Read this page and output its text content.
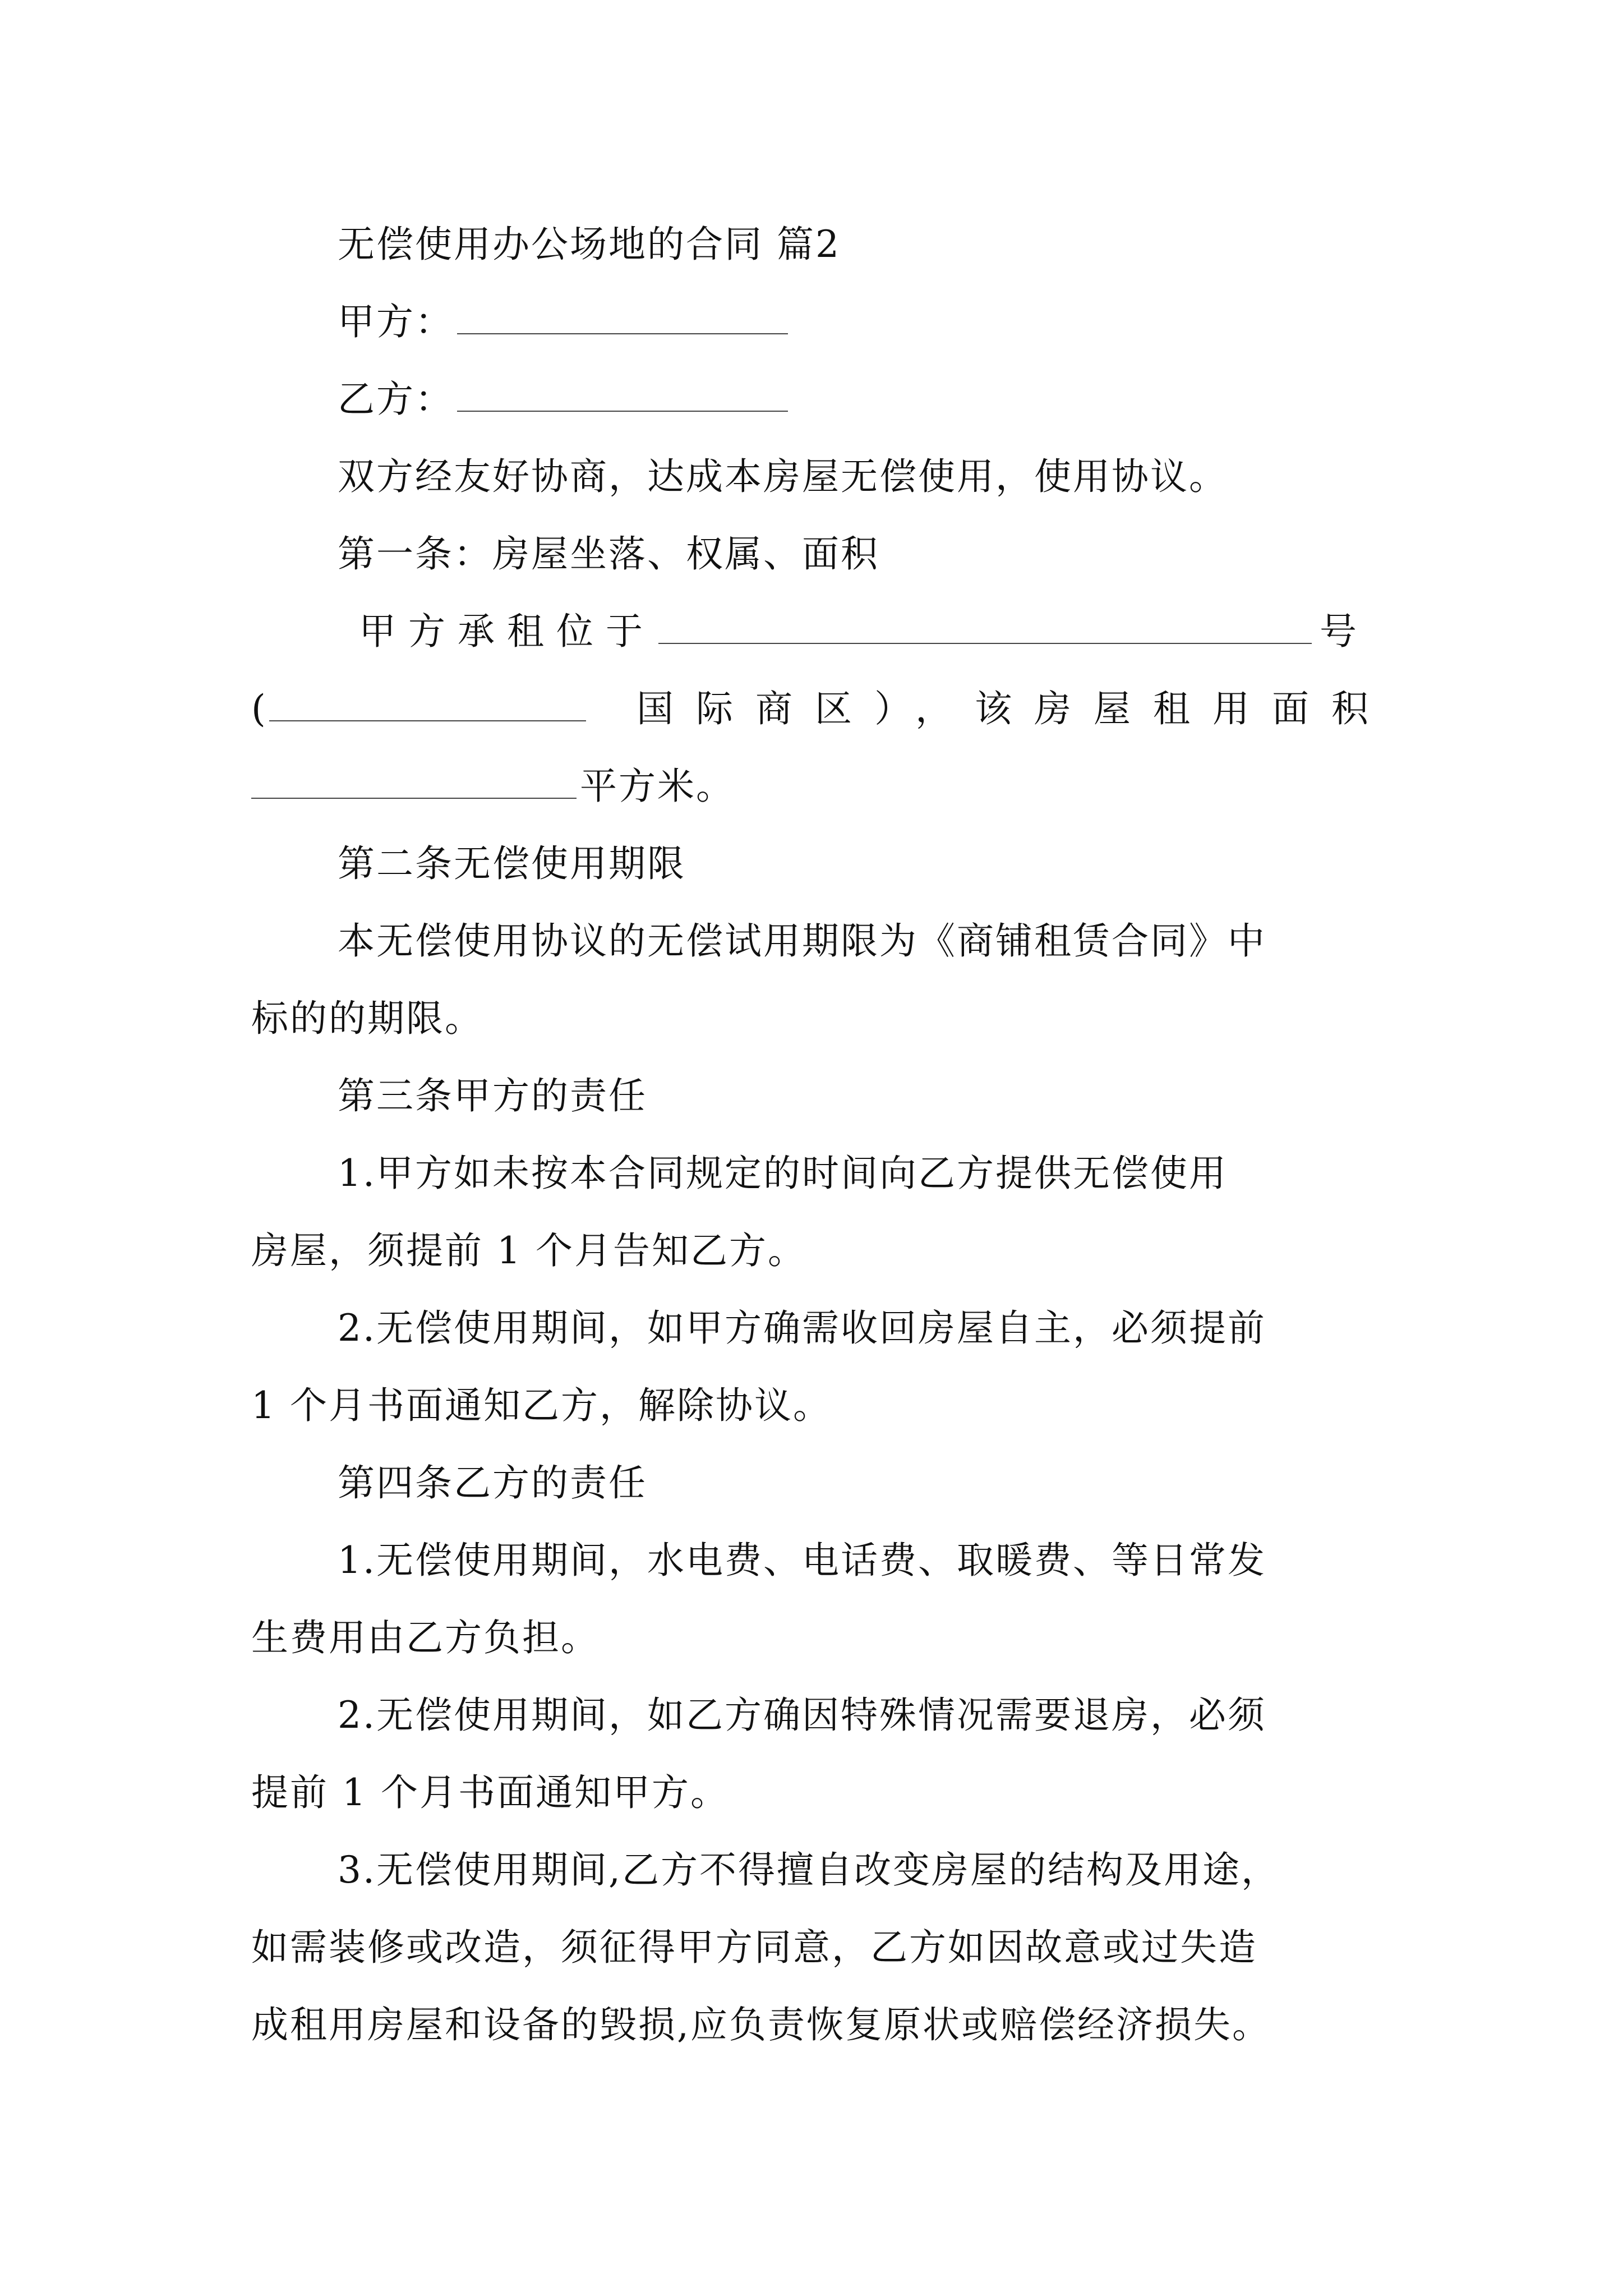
无偿使用办公场地的合同 篇2
甲方：
乙方：
双方经友好协商，达成本房屋无偿使用，使用协议。
第一条：房屋坐落、权属、面积
甲方承租位于	号
(	国际商区），该房屋租用面积
平方米。
第二条无偿使用期限
本无偿使用协议的无偿试用期限为《商铺租赁合同》中
标的的期限。
第三条甲方的责任
1.甲方如未按本合同规定的时间向乙方提供无偿使用
房屋，须提前 1 个月告知乙方。
2.无偿使用期间，如甲方确需收回房屋自主，必须提前
1 个月书面通知乙方，解除协议。
第四条乙方的责任
1.无偿使用期间，水电费、电话费、取暖费、等日常发
生费用由乙方负担。
2.无偿使用期间，如乙方确因特殊情况需要退房，必须
提前 1 个月书面通知甲方。
3.无偿使用期间,乙方不得擅自改变房屋的结构及用途，
如需装修或改造，须征得甲方同意，乙方如因故意或过失造
成租用房屋和设备的毁损,应负责恢复原状或赔偿经济损失。
